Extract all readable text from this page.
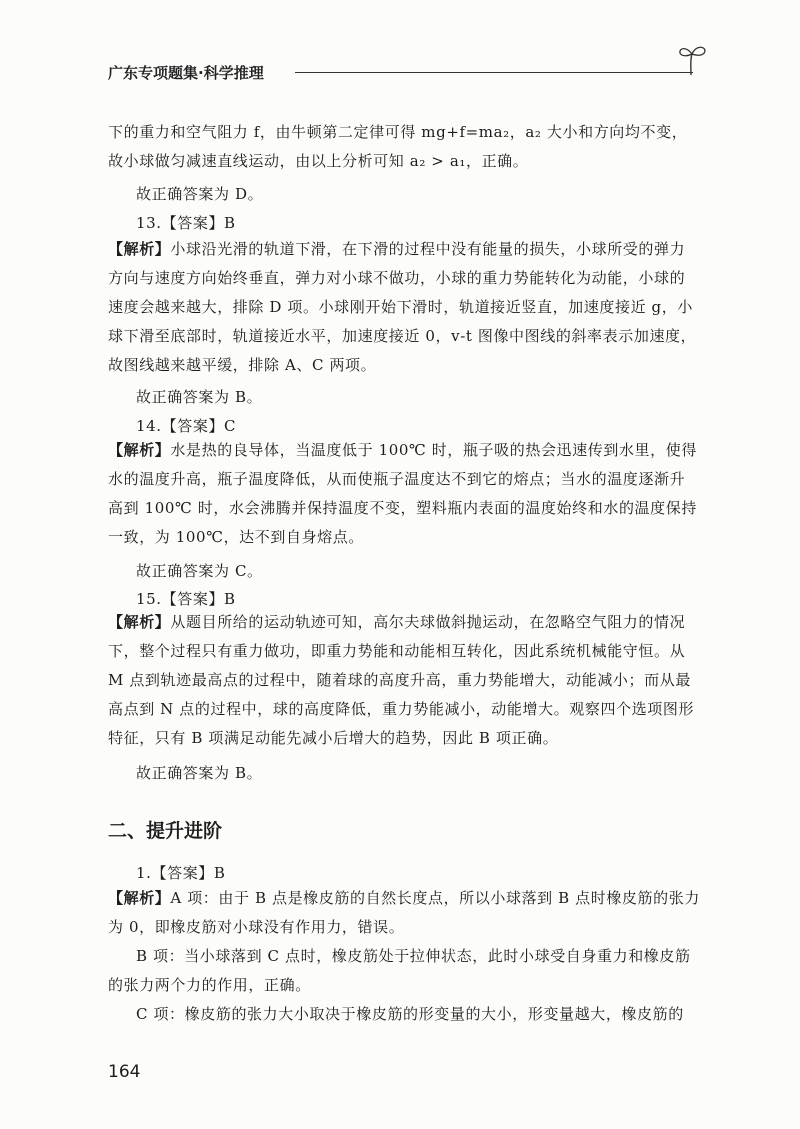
广东专项题集·科学推理

下的重力和空气阻力 f，由牛顿第二定律可得 mg+f=ma₂，a₂ 大小和方向均不变，故小球做匀减速直线运动，由以上分析可知 a₂ > a₁，正确。

故正确答案为 D。
13.【答案】B

【解析】小球沿光滑的轨道下滑，在下滑的过程中没有能量的损失，小球所受的弹力方向与速度方向始终垂直，弹力对小球不做功，小球的重力势能转化为动能，小球的速度会越来越大，排除 D 项。小球刚开始下滑时，轨道接近竖直，加速度接近 g，小球下滑至底部时，轨道接近水平，加速度接近 0，v-t 图像中图线的斜率表示加速度，故图线越来越平缓，排除 A、C 两项。

故正确答案为 B。
14.【答案】C

【解析】水是热的良导体，当温度低于 100℃ 时，瓶子吸的热会迅速传到水里，使得水的温度升高，瓶子温度降低，从而使瓶子温度达不到它的熔点；当水的温度逐渐升高到 100℃ 时，水会沸腾并保持温度不变，塑料瓶内表面的温度始终和水的温度保持一致，为 100℃，达不到自身熔点。

故正确答案为 C。
15.【答案】B

【解析】从题目所给的运动轨迹可知，高尔夫球做斜抛运动，在忽略空气阻力的情况下，整个过程只有重力做功，即重力势能和动能相互转化，因此系统机械能守恒。从 M 点到轨迹最高点的过程中，随着球的高度升高，重力势能增大，动能减小；而从最高点到 N 点的过程中，球的高度降低，重力势能减小，动能增大。观察四个选项图形特征，只有 B 项满足动能先减小后增大的趋势，因此 B 项正确。

故正确答案为 B。
二、提升进阶
1.【答案】B

【解析】A 项：由于 B 点是橡皮筋的自然长度点，所以小球落到 B 点时橡皮筋的张力为 0，即橡皮筋对小球没有作用力，错误。

B 项：当小球落到 C 点时，橡皮筋处于拉伸状态，此时小球受自身重力和橡皮筋的张力两个力的作用，正确。

C 项：橡皮筋的张力大小取决于橡皮筋的形变量的大小，形变量越大，橡皮筋的

164
